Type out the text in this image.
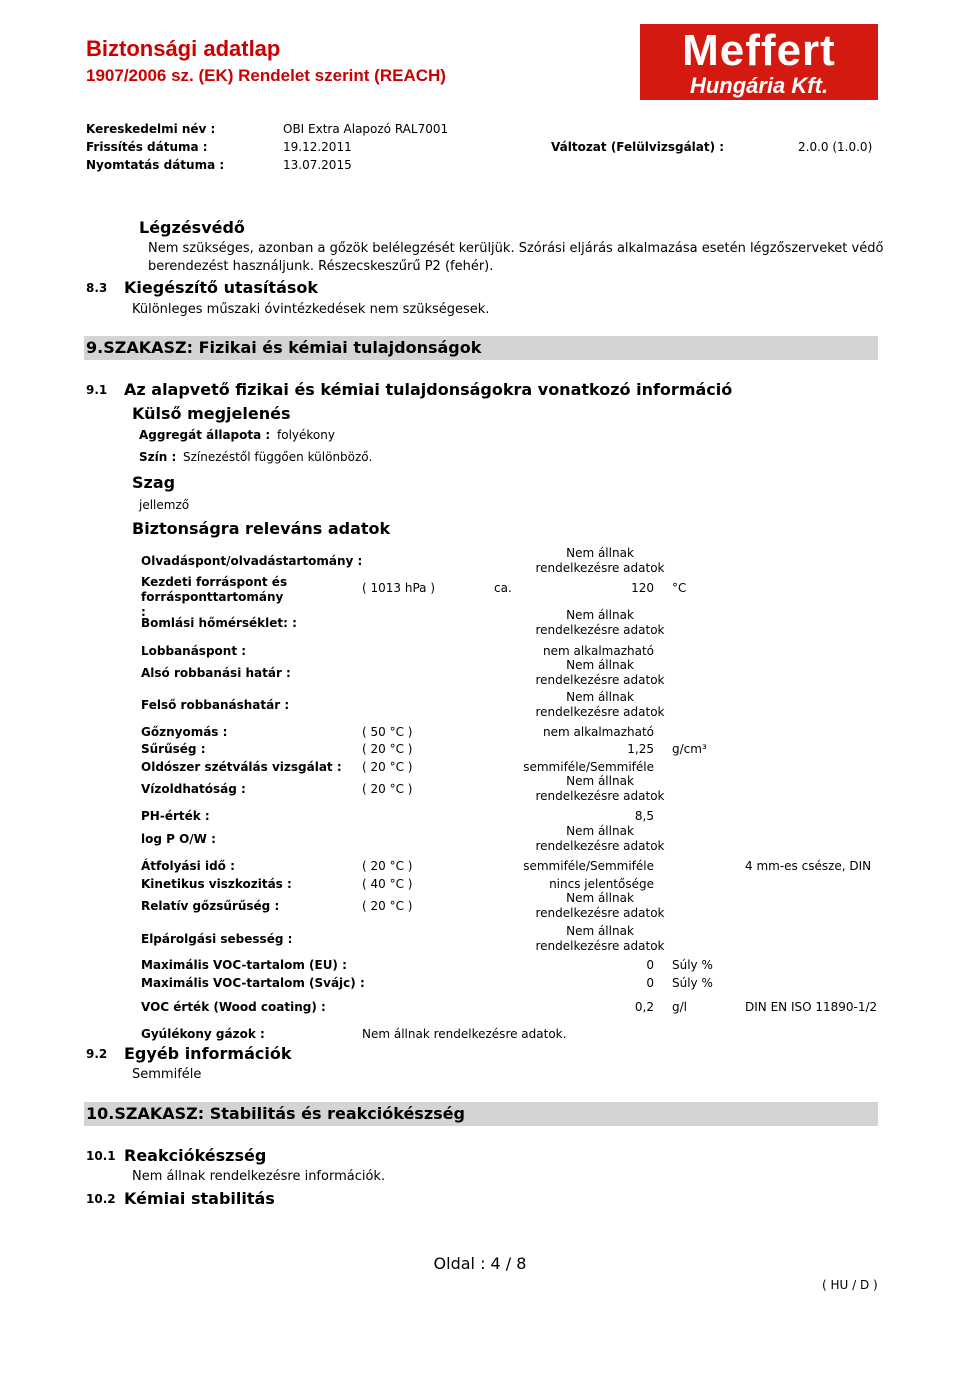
Biztonsági adatlap
1907/2006 sz. (EK) Rendelet szerint (REACH)
Meffert
Hungária Kft.
Kereskedelmi név :	OBI Extra Alapozó RAL7001
Frissítés dátuma :	19.12.2011	Változat (Felülvizsgálat) :	2.0.0 (1.0.0)
Nyomtatás dátuma :	13.07.2015
Légzésvédő
Nem szükséges, azonban a gőzök belélegzését kerüljük. Szórási eljárás alkalmazása esetén légzőszerveket védő
berendezést használjunk. Részecskeszűrű P2 (fehér).
8.3 Kiegészítő utasítások
Különleges műszaki óvintézkedések nem szükségesek.
9.SZAKASZ: Fizikai és kémiai tulajdonságok
9.1 Az alapvető fizikai és kémiai tulajdonságokra vonatkozó információ
Külső megjelenés
Aggregát állapota : folyékony
Szín : Színezéstől függően különböző.
Szag
jellemző
Biztonságra releváns adatok
Olvadáspont/olvadástartomány :
Nem állnak rendelkezésre adatok
Kezdeti forráspont és forrásponttartomány :
( 1013 hPa )	ca.	120 °C
Bomlási hőmérséklet: :
Nem állnak rendelkezésre adatok
Lobbanáspont :	nem alkalmazható
Alsó robbanási határ :
Nem állnak rendelkezésre adatok
Felső robbanáshatár :
Nem állnak rendelkezésre adatok
Gőznyomás :	( 50 °C )	nem alkalmazható
Sűrűség :	( 20 °C )	1,25 g/cm³
Oldószer szétválás vizsgálat : ( 20 °C )	semmiféle/Semmiféle
Vízoldhatóság :	( 20 °C )
Nem állnak rendelkezésre adatok
PH-érték :	8,5
log P O/W :
Nem állnak rendelkezésre adatok
Átfolyási idő :	( 20 °C )	semmiféle/Semmiféle	4 mm-es csésze, DIN
Kinetikus viszkozitás :	( 40 °C )	nincs jelentősége
Relatív gőzsűrűség :	( 20 °C )
Nem állnak rendelkezésre adatok
Elpárolgási sebesség :
Nem állnak rendelkezésre adatok
Maximális VOC-tartalom (EU) :	0 Súly %
Maximális VOC-tartalom (Svájc) :	0 Súly %
VOC érték (Wood coating) :	0,2 g/l	DIN EN ISO 11890-1/2
Gyúlékony gázok :	Nem állnak rendelkezésre adatok.
9.2 Egyéb információk
Semmiféle
10.SZAKASZ: Stabilitás és reakciókészség
10.1 Reakciókészség
Nem állnak rendelkezésre információk.
10.2 Kémiai stabilitás
Oldal : 4 / 8
( HU / D )
